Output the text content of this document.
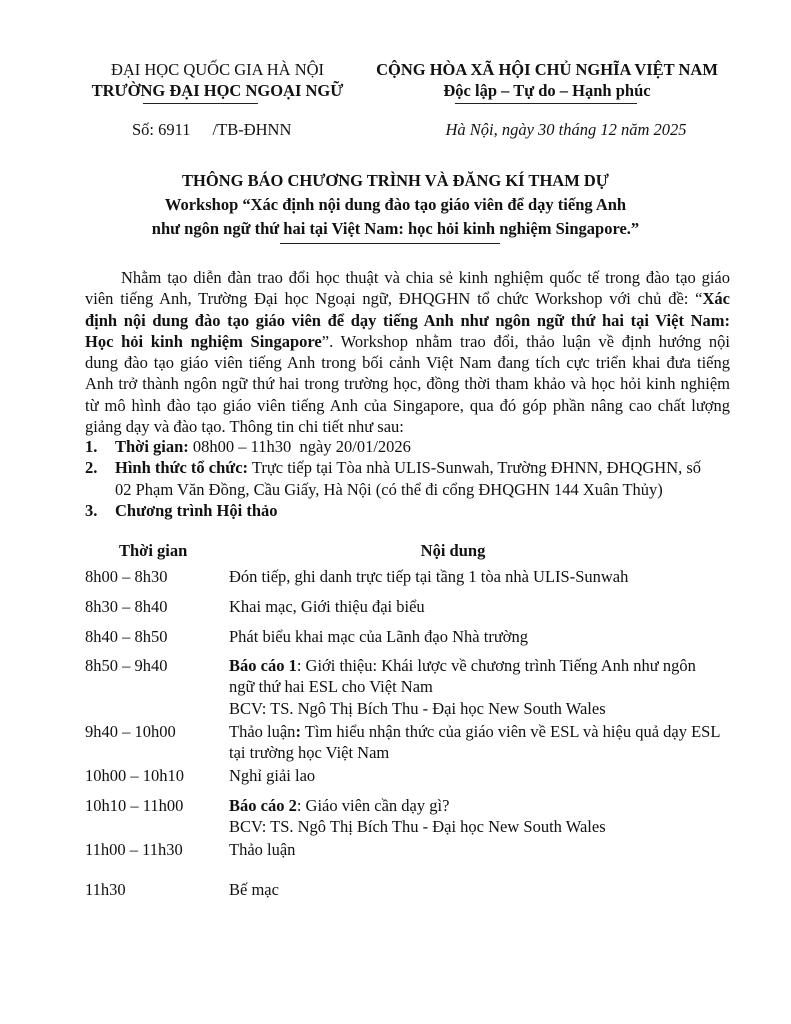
ĐẠI HỌC QUỐC GIA HÀ NỘI
TRƯỜNG ĐẠI HỌC NGOẠI NGỮ
CỘNG HÒA XÃ HỘI CHỦ NGHĨA VIỆT NAM
Độc lập – Tự do – Hạnh phúc
Số: 6911 /TB-ĐHNN	Hà Nội, ngày 30 tháng 12 năm 2025
THÔNG BÁO CHƯƠNG TRÌNH VÀ ĐĂNG KÍ THAM DỰ
Workshop “Xác định nội dung đào tạo giáo viên để dạy tiếng Anh
như ngôn ngữ thứ hai tại Việt Nam: học hỏi kinh nghiệm Singapore.”
Nhằm tạo diễn đàn trao đổi học thuật và chia sẻ kinh nghiệm quốc tế trong đào tạo giáo
viên tiếng Anh, Trường Đại học Ngoại ngữ, ĐHQGHN tổ chức Workshop với chủ đề: “Xác
định nội dung đào tạo giáo viên để dạy tiếng Anh như ngôn ngữ thứ hai tại Việt Nam:
Học hỏi kinh nghiệm Singapore”. Workshop nhằm trao đổi, thảo luận về định hướng nội
dung đào tạo giáo viên tiếng Anh trong bối cảnh Việt Nam đang tích cực triển khai đưa tiếng
Anh trở thành ngôn ngữ thứ hai trong trường học, đồng thời tham khảo và học hỏi kinh nghiệm
từ mô hình đào tạo giáo viên tiếng Anh của Singapore, qua đó góp phần nâng cao chất lượng
giảng dạy và đào tạo. Thông tin chi tiết như sau:
1. Thời gian: 08h00 – 11h30  ngày 20/01/2026
2. Hình thức tổ chức: Trực tiếp tại Tòa nhà ULIS-Sunwah, Trường ĐHNN, ĐHQGHN, số
02 Phạm Văn Đồng, Cầu Giấy, Hà Nội (có thể đi cổng ĐHQGHN 144 Xuân Thủy)
3. Chương trình Hội thảo
Thời gian	Nội dung
8h00 – 8h30	Đón tiếp, ghi danh trực tiếp tại tầng 1 tòa nhà ULIS-Sunwah
8h30 – 8h40	Khai mạc, Giới thiệu đại biểu
8h40 – 8h50	Phát biểu khai mạc của Lãnh đạo Nhà trường
8h50 – 9h40	Báo cáo 1: Giới thiệu: Khái lược về chương trình Tiếng Anh như ngôn
ngữ thứ hai ESL cho Việt Nam
BCV: TS. Ngô Thị Bích Thu - Đại học New South Wales
9h40 – 10h00	Thảo luận: Tìm hiểu nhận thức của giáo viên về ESL và hiệu quả dạy ESL
tại trường học Việt Nam
10h00 – 10h10	Nghỉ giải lao
10h10 – 11h00	Báo cáo 2: Giáo viên cần dạy gì?
BCV: TS. Ngô Thị Bích Thu - Đại học New South Wales
11h00 – 11h30	Thảo luận
11h30	Bế mạc
